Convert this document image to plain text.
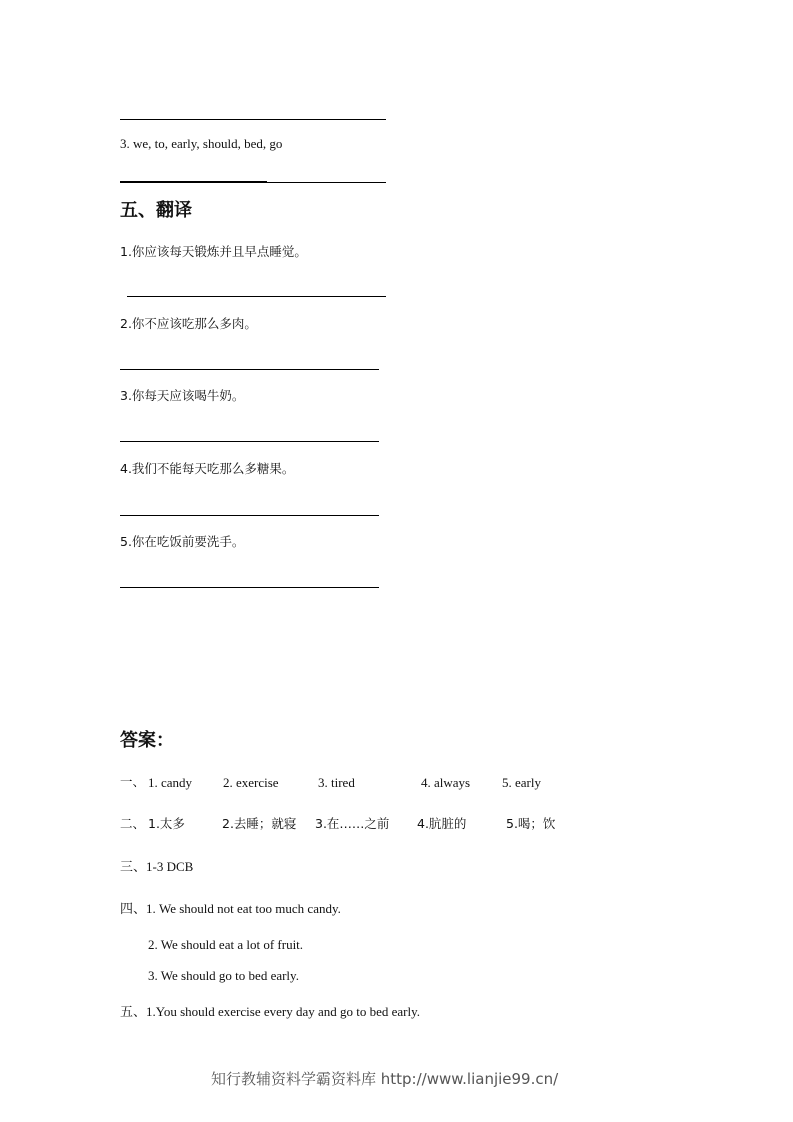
3. we, to, early, should, bed, go
五、翻译
1.你应该每天锻炼并且早点睡觉。
2.你不应该吃那么多肉。
3.你每天应该喝牛奶。
4.我们不能每天吃那么多糖果。
5.你在吃饭前要洗手。
答案：
一、 1. candy 2. exercise	3. tired	4. always 5. early
二、 1.太多	2.去睡；就寝 3.在……之前 4.肮脏的	5.喝；饮
三、1-3 DCB
四、1. We should not eat too much candy.
2. We should eat a lot of fruit.
3. We should go to bed early.
五、1.You should exercise every day and go to bed early.
知行教辅资料学霸资料库 http://www.lianjie99.cn/
